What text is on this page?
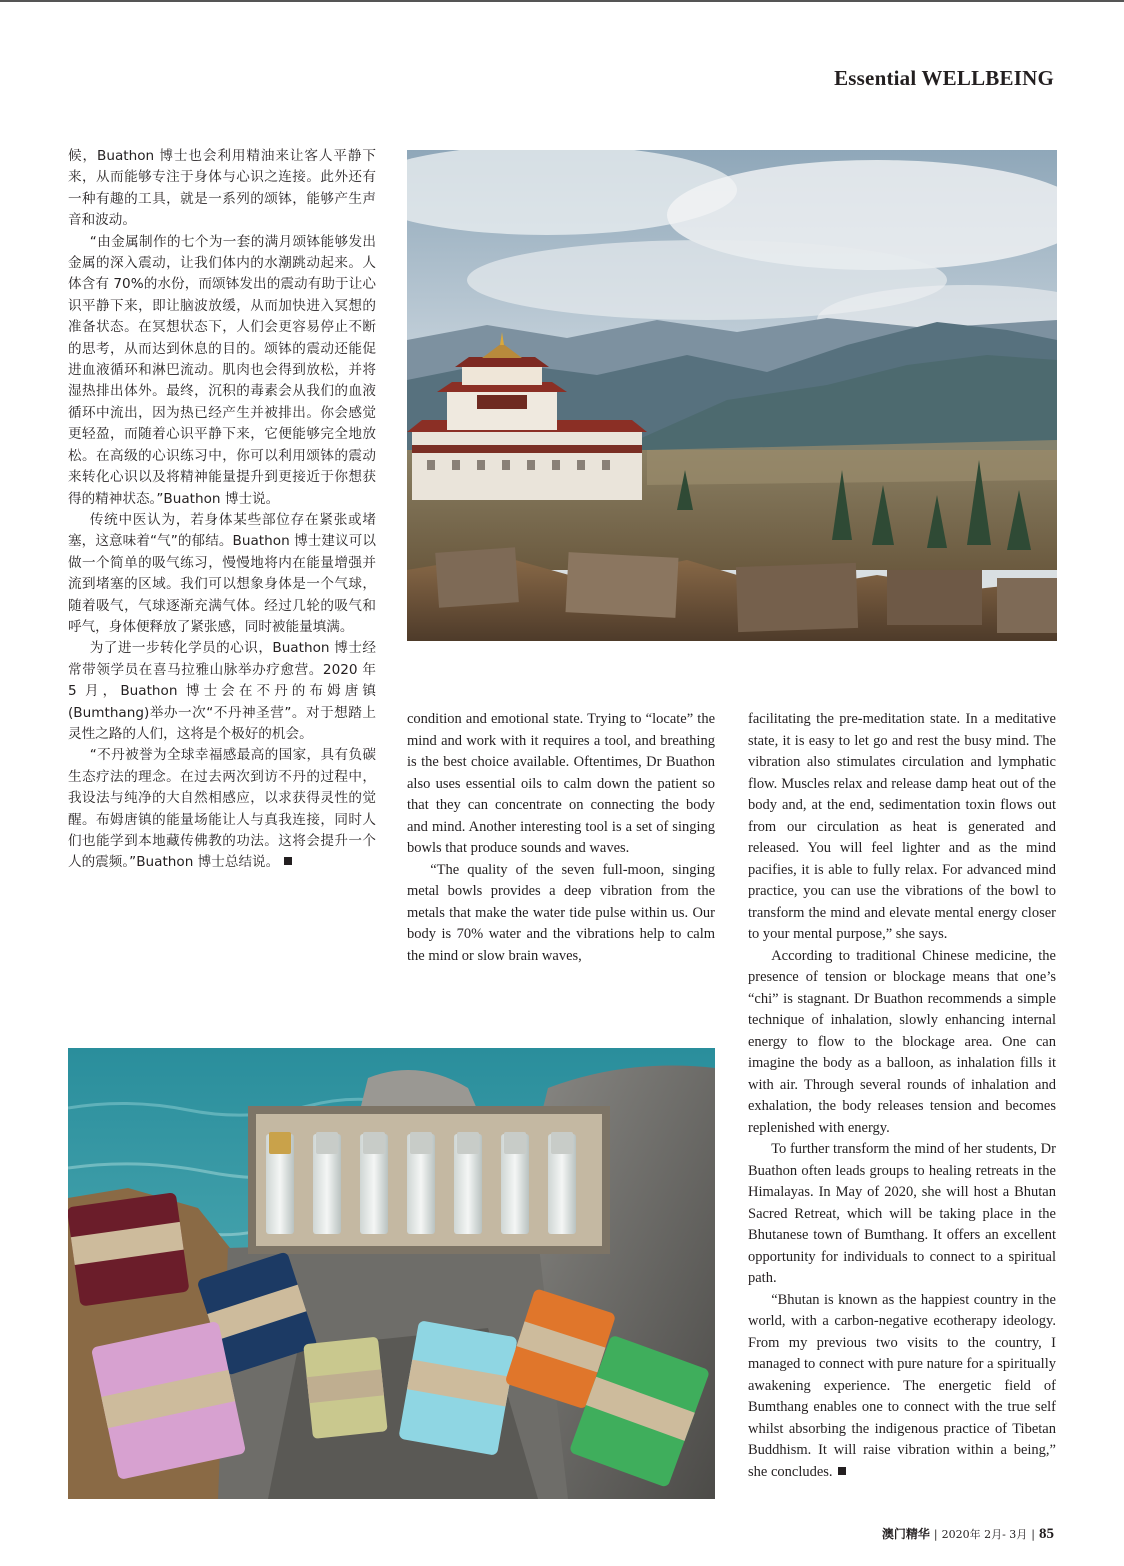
Essential WELLBEING

候，Buathon 博士也会利用精油来让客人平静下来，从而能够专注于身体与心识之连接。此外还有一种有趣的工具，就是一系列的颂钵，能够产生声音和波动。

“由金属制作的七个为一套的满月颂钵能够发出金属的深入震动，让我们体内的水潮跳动起来。人体含有 70%的水份，而颂钵发出的震动有助于让心识平静下来，即让脑波放缓，从而加快进入冥想的准备状态。在冥想状态下，人们会更容易停止不断的思考，从而达到休息的目的。颂钵的震动还能促进血液循环和淋巴流动。肌肉也会得到放松，并将湿热排出体外。最终，沉积的毒素会从我们的血液循环中流出，因为热已经产生并被排出。你会感觉更轻盈，而随着心识平静下来，它便能够完全地放松。在高级的心识练习中，你可以利用颂钵的震动来转化心识以及将精神能量提升到更接近于你想获得的精神状态。”Buathon 博士说。

传统中医认为，若身体某些部位存在紧张或堵塞，这意味着“气”的郁结。Buathon 博士建议可以做一个简单的吸气练习，慢慢地将内在能量增强并流到堵塞的区域。我们可以想象身体是一个气球，随着吸气，气球逐渐充满气体。经过几轮的吸气和呼气，身体便释放了紧张感，同时被能量填满。

为了进一步转化学员的心识，Buathon 博士经常带领学员在喜马拉雅山脉举办疗愈营。2020 年 5 月，Buathon 博士会在不丹的布姆唐镇(Bumthang)举办一次“不丹神圣营”。对于想踏上灵性之路的人们，这将是个极好的机会。

“不丹被誉为全球幸福感最高的国家，具有负碳生态疗法的理念。在过去两次到访不丹的过程中，我设法与纯净的大自然相感应，以求获得灵性的觉醒。布姆唐镇的能量场能让人与真我连接，同时人们也能学到本地藏传佛教的功法。这将会提升一个人的震频。”Buathon 博士总结说。

condition and emotional state. Trying to “locate” the mind and work with it requires a tool, and breathing is the best choice available. Oftentimes, Dr Buathon also uses essential oils to calm down the patient so that they can concentrate on connecting the body and mind. Another interesting tool is a set of singing bowls that produce sounds and waves.

“The quality of the seven full-moon, singing metal bowls provides a deep vibration from the metals that make the water tide pulse within us. Our body is 70% water and the vibrations help to calm the mind or slow brain waves,

facilitating the pre-meditation state. In a meditative state, it is easy to let go and rest the busy mind. The vibration also stimulates circulation and lymphatic flow. Muscles relax and release damp heat out of the body and, at the end, sedimentation toxin flows out from our circulation as heat is generated and released. You will feel lighter and as the mind pacifies, it is able to fully relax. For advanced mind practice, you can use the vibrations of the bowl to transform the mind and elevate mental energy closer to your mental purpose,” she says.

According to traditional Chinese medicine, the presence of tension or blockage means that one’s “chi” is stagnant. Dr Buathon recommends a simple technique of inhalation, slowly enhancing internal energy to flow to the blockage area. One can imagine the body as a balloon, as inhalation fills it with air. Through several rounds of inhalation and exhalation, the body releases tension and becomes replenished with energy.

To further transform the mind of her students, Dr Buathon often leads groups to healing retreats in the Himalayas. In May of 2020, she will host a Bhutan Sacred Retreat, which will be taking place in the Bhutanese town of Bumthang. It offers an excellent opportunity for individuals to connect to a spiritual path.

“Bhutan is known as the happiest country in the world, with a carbon-negative ecotherapy ideology. From my previous two visits to the country, I managed to connect with pure nature for a spiritually awakening experience. The energetic field of Bumthang enables one to connect with the true self whilst absorbing the indigenous practice of Tibetan Buddhism. It will raise vibration within a being,” she concludes.

澳门精华 | 2020年 2月- 3月 | 85
